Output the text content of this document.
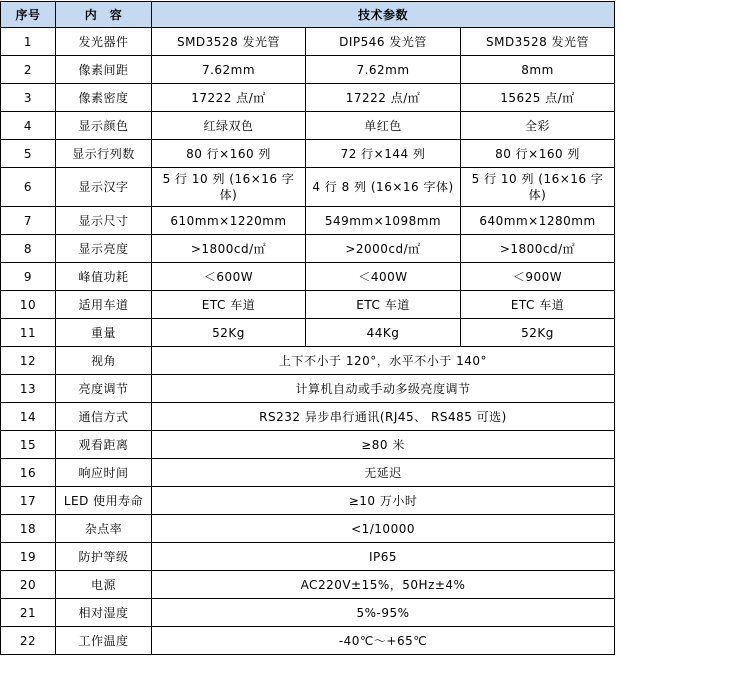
序号	内　容	技术参数		
1	发光器件	SMD3528 发光管	DIP546 发光管	SMD3528 发光管
2	像素间距	7.62mm	7.62mm	8mm
3	像素密度	17222 点/㎡	17222 点/㎡	15625 点/㎡
4	显示颜色	红绿双色	单红色	全彩
5	显示行列数	80 行×160 列	72 行×144 列	80 行×160 列
6	显示汉字	5 行 10 列 (16×16 字体)	4 行 8 列 (16×16 字体)	5 行 10 列 (16×16 字体)
7	显示尺寸	610mm×1220mm	549mm×1098mm	640mm×1280mm
8	显示亮度	>1800cd/㎡	>2000cd/㎡	>1800cd/㎡
9	峰值功耗	＜600W	＜400W	＜900W
10	适用车道	ETC 车道	ETC 车道	ETC 车道
11	重量	52Kg	44Kg	52Kg
12	视角	上下不小于 120°，水平不小于 140°		
13	亮度调节	计算机自动或手动多级亮度调节		
14	通信方式	RS232 异步串行通讯(RJ45、 RS485 可选)		
15	观看距离	≥80 米		
16	响应时间	无延迟		
17	LED 使用寿命	≥10 万小时		
18	杂点率	<1/10000		
19	防护等级	IP65		
20	电源	AC220V±15%，50Hz±4%		
21	相对湿度	5%-95%		
22	工作温度	-40℃～+65℃		
